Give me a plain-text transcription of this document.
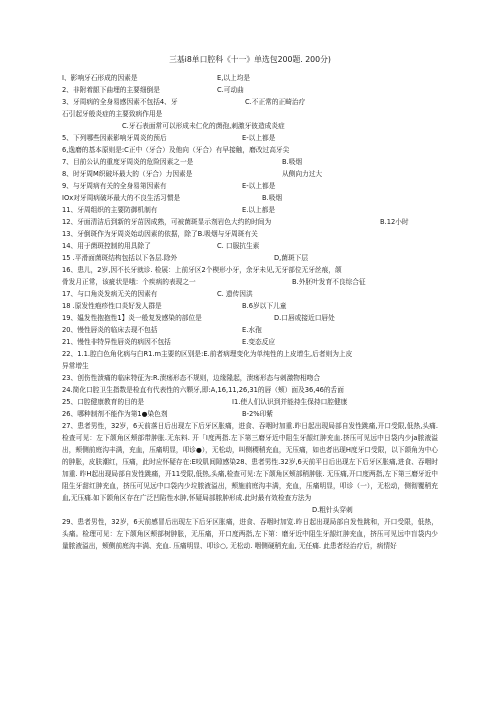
三基i8单口腔科《十一》单选包200题. 200分)
I、影响牙石形成的因素是	E,以上均是
2、非附着龈下曲埋的主要细倒是	C.可动曲
3、牙周病的全身易感因素不包括4、牙	C.不正常的正畸治疗
石引起牙般炎症的主要致病作用是
C.牙石表面常可以形成未仁化的菌孢,刺激牙彼造成炎症
5、下列哪些因素影响牙周炎的预后	E-以上都是
6,逸磨的基本原则是:C正中（牙合）及他向（牙合）有早接触，磨改过高牙尖
7、目前公认的重度牙周炎的危险因素之一是	B.吸烟
8、时牙周M织破坏最大的（牙合）力因素是	从侧向力过大
9、与牙周病有关的全身易第因素有	E-以上都是
IOx对牙周病破坏最大的不良生活习惯是	B.吸烟
11、牙周组织的主要防御机制有	E.以上都是
12、牙面清洁后到新的牙苗因成熟，可被菌斑显示剂岩色大约的时间为	B.12小时
13、牙倒斑作为牙周炎始动因素的依据，除了B.吸烟与牙周斑有关
14、用于菌斑控制的用具除了	C. 口服抗生素
15 .平滑面菌斑结构包括以下各层.除外	D,菌斑下层
16、患儿，2岁,因不长牙就诊. 检展：上前牙区2个楔形小牙，余牙未见,无牙部位无牙丝痕，颌
骨发月正常，该疵状是哦：个疾病的表现之一	B.外胚叶发育不良综合征
17、与口角炎发病无关的因素有	C. 遗传因洪
18 .原发性疱疹性口炎好发人群是	B.6岁以下儿童
19、媪发性抱抱性1】炎一般复发感染的部位是	D.口唇或接近口唇处
20、慢性唇炎的临床去现不包括	E.水孢
21、慢性非特异性唇炎的病因不包括	E.变态反应
22、1.1.腔白色角化病与白R1.m主要的区别是:E.前者病理变化为单纯性的上皮增生,后者则为上皮
异常增生
23、创伤性溃痛的临床特征为:R.溃疡形态不规则，边缘隆起，溃疡形态与刺激物相吻合
24.简化口腔卫生指数是检直有代表性的六颗牙,即:A,16,11,26,31的唇（颊）面及36,46的舌面
25、口腔健康教育的目的是	I1.使人们认识到并能持生保持口腔健康
26、哪种制剂不能作为第1●染色剂	B-2%印紫
27、患者男性，32岁，6天前落日后出现左下后牙区胀痛，进食、吞咽时加重.昨日起出现局部自发性跳痛,开口受限,低热,头痛. 检查可见：左下颌角区颊部带肿胀.无东料. 开「I度两指.左下第三磨牙近中阻生牙龈红肿充血.挤压可见远中日袋内少ja脓液溢出，颊侧前庭沟丰满，充血，压痛明显，叩诊●），无松动，叫侧稷稍充血，无压痛，如也者出现H度牙口受限，以下颌角为中心的肿胀，皮肤潮红，压痛，此时应怀疑存在:E咬肌间隙感染28、患者男性.32岁,6天前平日后出现左下后牙区胀痛,进食、吞咽时加重. 昨H起出现局部自发性跳痛，开11受限,低热,头痛,检查可见:左下颌角区颊部稍肿胀. 无压痛,开口度两指,左下第三磨牙近中阻生牙甜红肿充血，挤压可见远中口袋内少垃脓液溢出，颊施前庭沟丰满，充血，压痛明显，叩诊（一），无松动，侧彻覆稍充血,无压痛.如下颌角区存在广泛凹陷性水肿,怀疑局部脓肿形成.此时最有效检查方法为
D.粗针头穿刺
29、患者男性，32岁，6天前感冒后出现左下后牙区胀痛，进食、吞咽时加览.昨日起出现局部自发性跳和，开口受限，低热，头痛。检理可见：左下颌角区颊部树肿胀，无压痛，开口度两指,左下第：磨牙近中阻生牙龈红肿充血，挤压可见远中盲袋内少量脓液溢出，颊侧前庭沟丰满、充血. 压痛明显、叩诊○, 无松动. 咽侧硬稍充血, 无任痛. 此患者经治疗后，病情好
